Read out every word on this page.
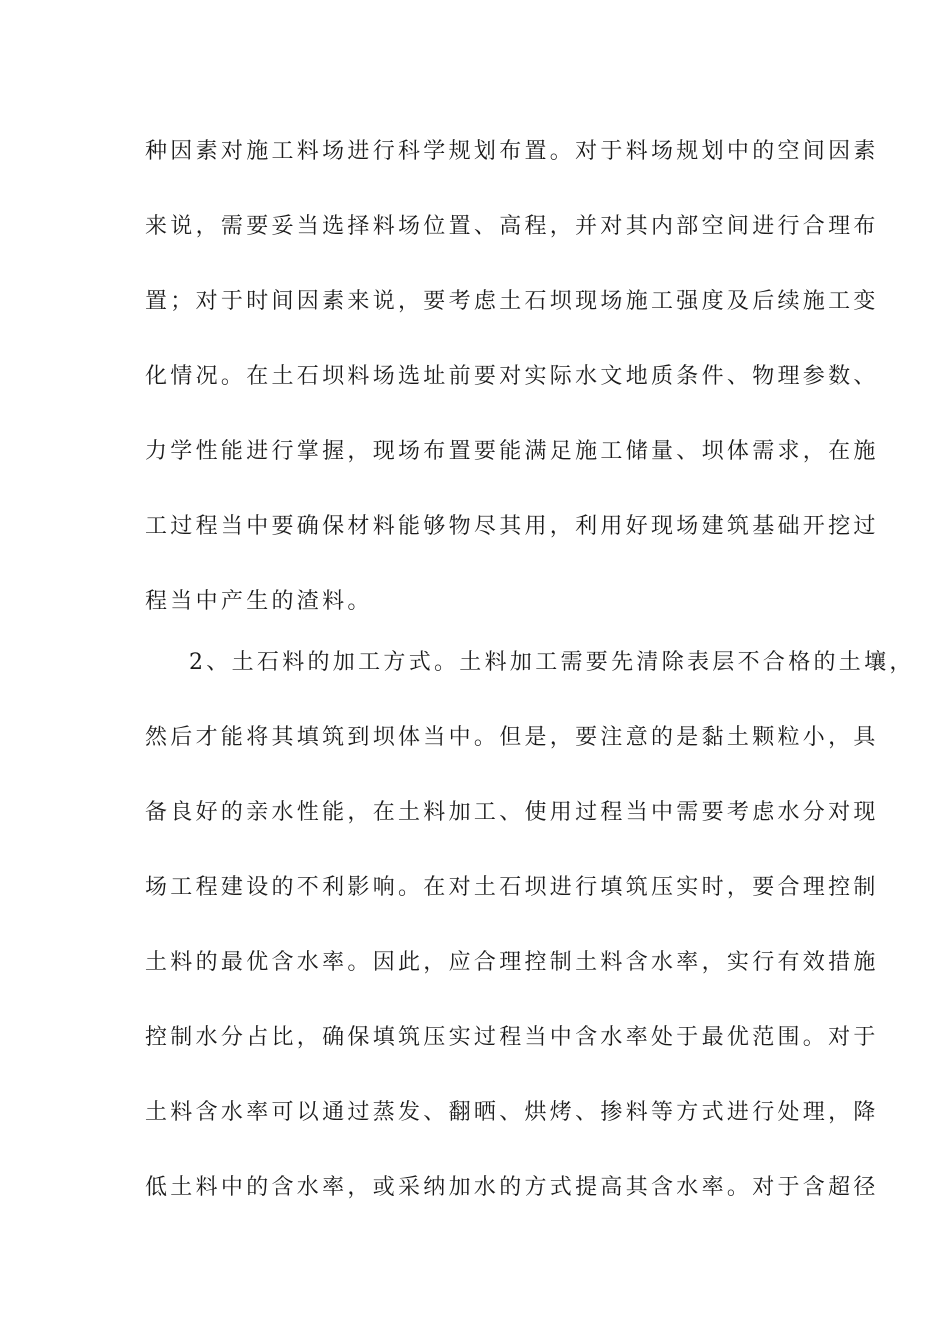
种因素对施工料场进行科学规划布置。对于料场规划中的空间因素
来说，需要妥当选择料场位置、高程，并对其内部空间进行合理布
置；对于时间因素来说，要考虑土石坝现场施工强度及后续施工变
化情况。在土石坝料场选址前要对实际水文地质条件、物理参数、
力学性能进行掌握，现场布置要能满足施工储量、坝体需求，在施
工过程当中要确保材料能够物尽其用，利用好现场建筑基础开挖过
程当中产生的渣料。
2、土石料的加工方式。土料加工需要先清除表层不合格的土壤，
然后才能将其填筑到坝体当中。但是，要注意的是黏土颗粒小，具
备良好的亲水性能，在土料加工、使用过程当中需要考虑水分对现
场工程建设的不利影响。在对土石坝进行填筑压实时，要合理控制
土料的最优含水率。因此，应合理控制土料含水率，实行有效措施
控制水分占比，确保填筑压实过程当中含水率处于最优范围。对于
土料含水率可以通过蒸发、翻晒、烘烤、掺料等方式进行处理，降
低土料中的含水率，或采纳加水的方式提高其含水率。对于含超径
